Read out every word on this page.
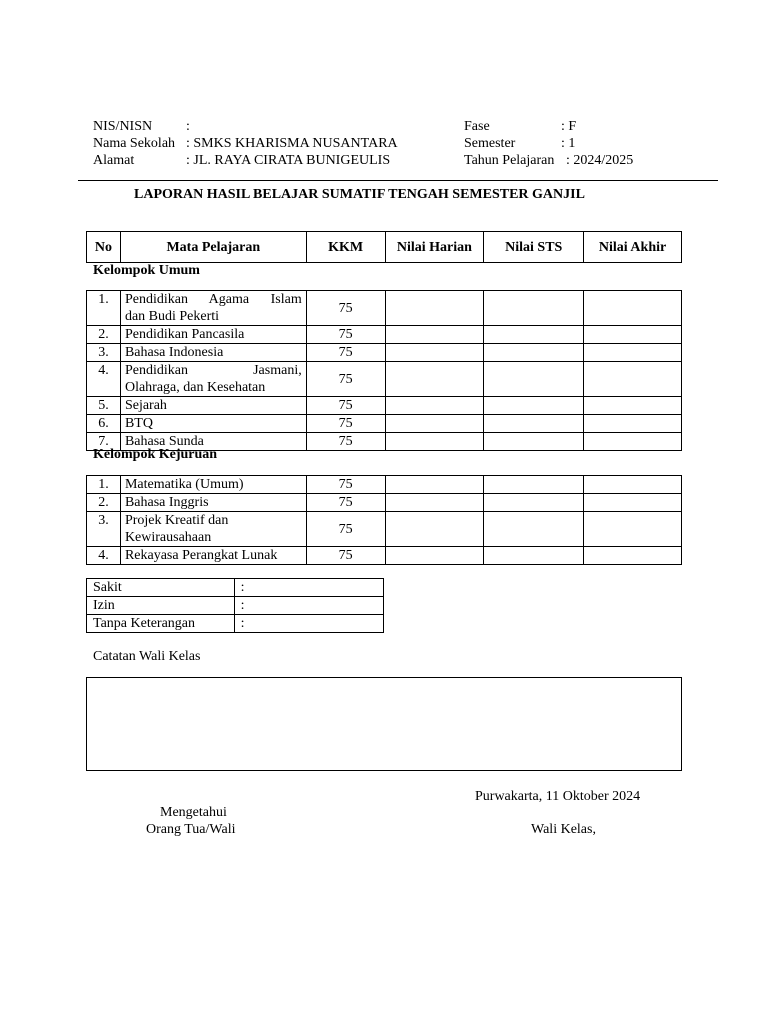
NIS/NISN :
Nama Sekolah : SMKS KHARISMA NUSANTARA
Alamat	: JL. RAYA CIRATA BUNIGEULIS
Fase	: F
Semester	: 1
Tahun Pelajaran : 2024/2025
LAPORAN HASIL BELAJAR SUMATIF TENGAH SEMESTER GANJIL
No	Mata Pelajaran	KKM	Nilai Harian	Nilai STS	Nilai Akhir
Kelompok Umum
1.	Pendidikan Agama Islam
dan Budi Pekerti	75			
2.	Pendidikan Pancasila	75			
3.	Bahasa Indonesia	75			
4.	Pendidikan Jasmani,
Olahraga, dan Kesehatan	75			
5.	Sejarah	75			
6.	BTQ	75			
7.	Bahasa Sunda	75			
Kelompok Kejuruan
1.	Matematika (Umum)	75			
2.	Bahasa Inggris	75			
3.	Projek Kreatif dan
Kewirausahaan	75			
4.	Rekayasa Perangkat Lunak	75			
Sakit	:
Izin	:
Tanpa Keterangan	:
Catatan Wali Kelas
Purwakarta, 11 Oktober 2024
Mengetahui
Orang Tua/Wali	Wali Kelas,
